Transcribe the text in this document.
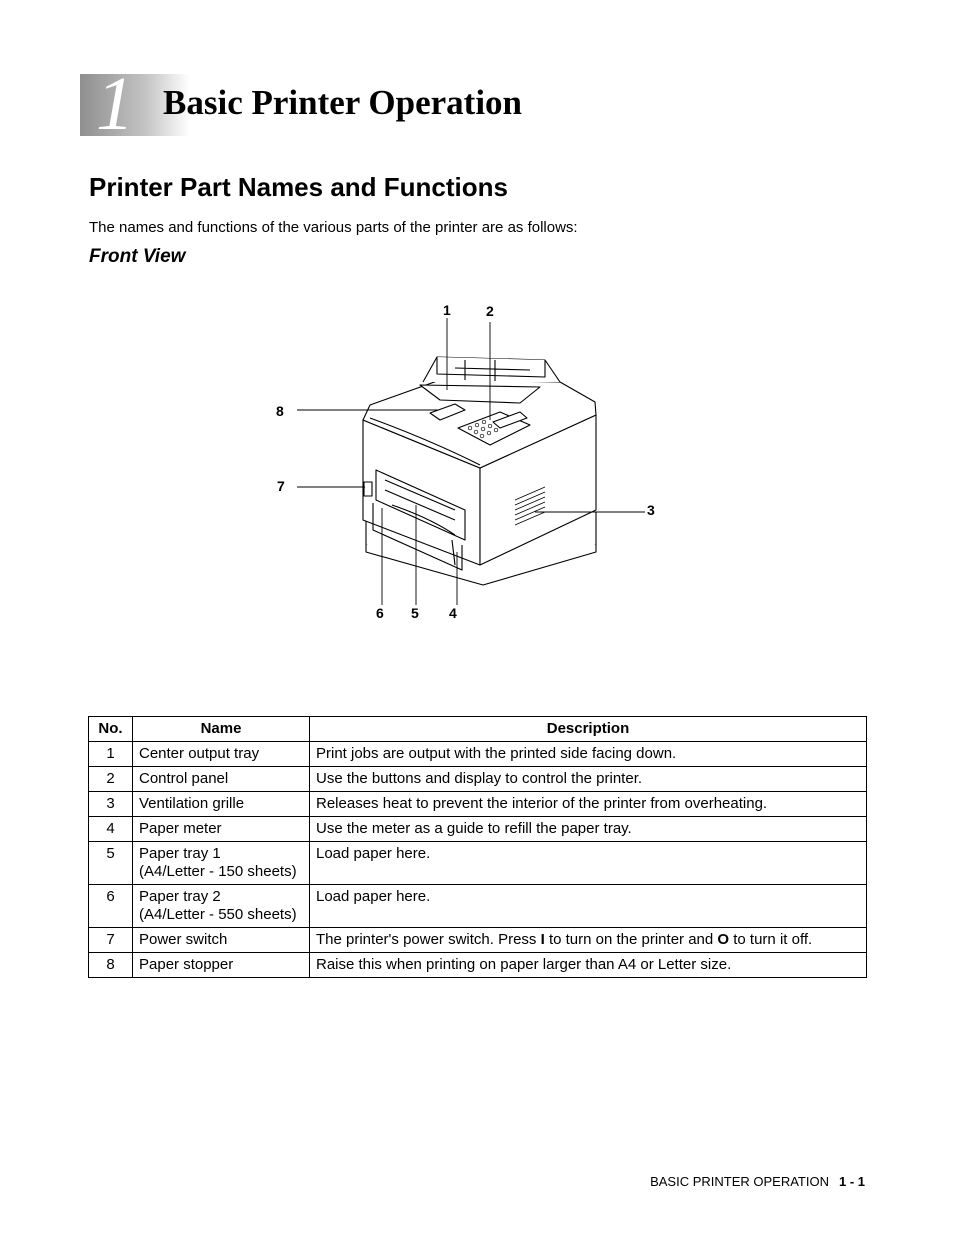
1 Basic Printer Operation
Printer Part Names and Functions

The names and functions of the various parts of the printer are as follows:

Front View
1	2
3
4
5
6
7
8
No.	Name	Description
1	Center output tray	Print jobs are output with the printed side facing down.
2	Control panel	Use the buttons and display to control the printer.
3	Ventilation grille	Releases heat to prevent the interior of the printer from overheating.
4	Paper meter	Use the meter as a guide to refill the paper tray.
5	Paper tray 1
(A4/Letter - 150 sheets)	Load paper here.
6	Paper tray 2
(A4/Letter - 550 sheets)	Load paper here.
7	Power switch	The printer's power switch. Press I to turn on the printer and O to turn it off.
8	Paper stopper	Raise this when printing on paper larger than A4 or Letter size.
BASIC PRINTER OPERATION 1 - 1
